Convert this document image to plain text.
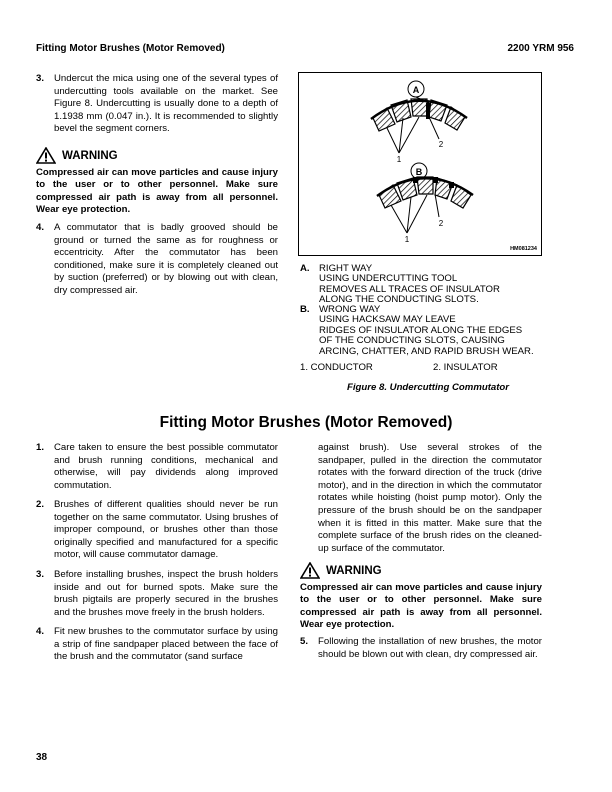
Fitting Motor Brushes (Motor Removed)	2200 YRM 956
3. Undercut the mica using one of the several types of undercutting tools available on the market. See Figure 8. Undercutting is usually done to a depth of 1.1938 mm (0.047 in.). It is recommended to slightly bevel the segment corners.
WARNING
Compressed air can move particles and cause injury to the user or to other personnel. Make sure compressed air path is away from all personnel. Wear eye protection.
4. A commutator that is badly grooved should be ground or turned the same as for roughness or eccentricity. After the commutator has been conditioned, make sure it is completely cleaned out by suction (preferred) or by blowing out with clean, dry compressed air.
A
1
2
B
1
2
HM081234
A. RIGHT WAY
USING UNDERCUTTING TOOL
REMOVES ALL TRACES OF INSULATOR
ALONG THE CONDUCTING SLOTS.
B. WRONG WAY
USING HACKSAW MAY LEAVE
RIDGES OF INSULATOR ALONG THE EDGES
OF THE CONDUCTING SLOTS, CAUSING
ARCING, CHATTER, AND RAPID BRUSH WEAR.
1. CONDUCTOR	2. INSULATOR
Figure 8. Undercutting Commutator
Fitting Motor Brushes (Motor Removed)
1. Care taken to ensure the best possible commutator and brush running conditions, mechanical and otherwise, will pay dividends along improved commutation.
2. Brushes of different qualities should never be run together on the same commutator. Using brushes of improper compound, or brushes other than those originally specified and manufactured for a specific motor, will cause commutator damage.
3. Before installing brushes, inspect the brush holders inside and out for burned spots. Make sure the brush pigtails are properly secured in the brushes and the brushes move freely in the brush holders.
4. Fit new brushes to the commutator surface by using a strip of fine sandpaper placed between the face of the brush and the commutator (sand surface
against brush). Use several strokes of the sandpaper, pulled in the direction the commutator rotates with the forward direction of the truck (drive motor), and in the direction in which the commutator rotates while hoisting (hoist pump motor). Only the pressure of the brush should be on the sandpaper when it is fitted in this matter. Make sure that the complete surface of the brush rides on the cleaned-up surface of the commutator.
WARNING
Compressed air can move particles and cause injury to the user or to other personnel. Make sure compressed air path is away from all personnel. Wear eye protection.
5. Following the installation of new brushes, the motor should be blown out with clean, dry compressed air.
38
